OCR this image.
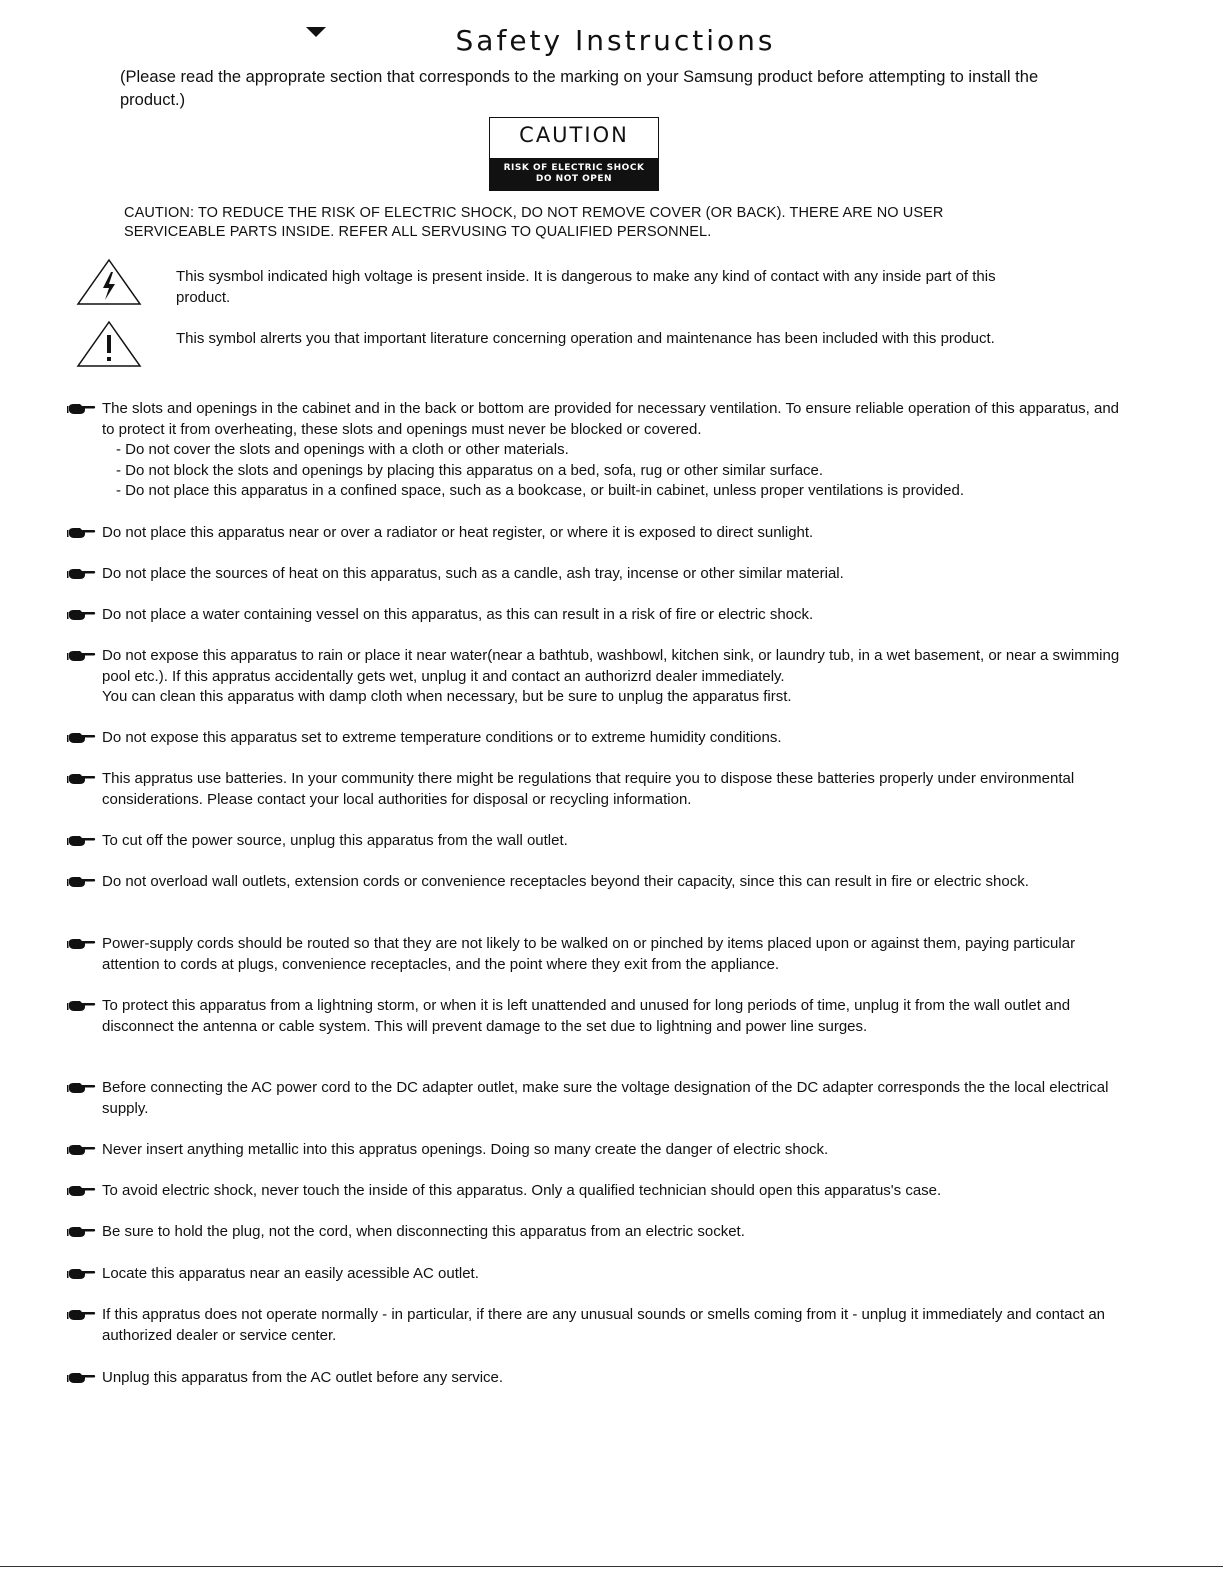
Safety Instructions

(Please read the approprate section that corresponds to the marking on your Samsung product before attempting to install the product.)

CAUTION
RISK OF ELECTRIC SHOCK
DO NOT OPEN

CAUTION: TO REDUCE THE RISK OF ELECTRIC SHOCK, DO NOT REMOVE COVER (OR BACK). THERE ARE NO USER SERVICEABLE PARTS INSIDE. REFER ALL SERVUSING TO QUALIFIED PERSONNEL.

This sysmbol indicated high voltage is present inside. It is dangerous to make any kind of contact with any inside part of this product.

This symbol alrerts you that important literature concerning operation and maintenance has been included with this product.

The slots and openings in the cabinet and in the back or bottom are provided for necessary ventilation. To ensure reliable operation of this apparatus, and to protect it from overheating, these slots and openings must never be blocked or covered.
- Do not cover the slots and openings with a cloth or other materials.
- Do not block the slots and openings by placing this apparatus on a bed, sofa, rug or other similar surface.
- Do not place this apparatus in a confined space, such as a bookcase, or built-in cabinet, unless proper ventilations is provided.
Do not place this apparatus near or over a radiator or heat register, or where it is exposed to direct sunlight.
Do not place the sources of heat on this apparatus, such as a candle, ash tray, incense or other similar material.
Do not place a water containing vessel on this apparatus, as this can result in a risk of fire or electric shock.
Do not expose this apparatus to rain or place it near water(near a bathtub, washbowl, kitchen sink, or laundry tub, in a wet basement, or near a swimming pool etc.). If this appratus accidentally gets wet, unplug it and contact an authorizrd dealer immediately.
You can clean this apparatus with damp cloth when necessary, but be sure to unplug the apparatus first.
Do not expose this apparatus set to extreme temperature conditions or to extreme humidity conditions.
This appratus use batteries. In your community there might be regulations that require you to dispose these batteries properly under environmental considerations. Please contact your local authorities for disposal or recycling information.
To cut off the power source, unplug this apparatus from the wall outlet.
Do not overload wall outlets, extension cords or convenience receptacles beyond their capacity, since this can result in fire or electric shock.
Power-supply cords should be routed so that they are not likely to be walked on or pinched by items placed upon or against them, paying particular attention to cords at plugs, convenience receptacles, and the point where they exit from the appliance.
To protect this apparatus from a lightning storm, or when it is left unattended and unused for long periods of time, unplug it from the wall outlet and disconnect the antenna or cable system. This will prevent damage to the set due to lightning and power line surges.
Before connecting the AC power cord to the DC adapter outlet, make sure the voltage designation of the DC adapter corresponds the the local electrical supply.
Never insert anything metallic into this appratus openings. Doing so many create the danger of electric shock.
To avoid electric shock, never touch the inside of this apparatus. Only a qualified technician should open this apparatus's case.
Be sure to hold the plug, not the cord, when disconnecting this apparatus from an electric socket.
Locate this apparatus near an easily acessible AC outlet.
If this appratus does not operate normally - in particular, if there are any unusual sounds or smells coming from it - unplug it immediately and contact an authorized dealer or service center.
Unplug this apparatus from the AC outlet before any service.
